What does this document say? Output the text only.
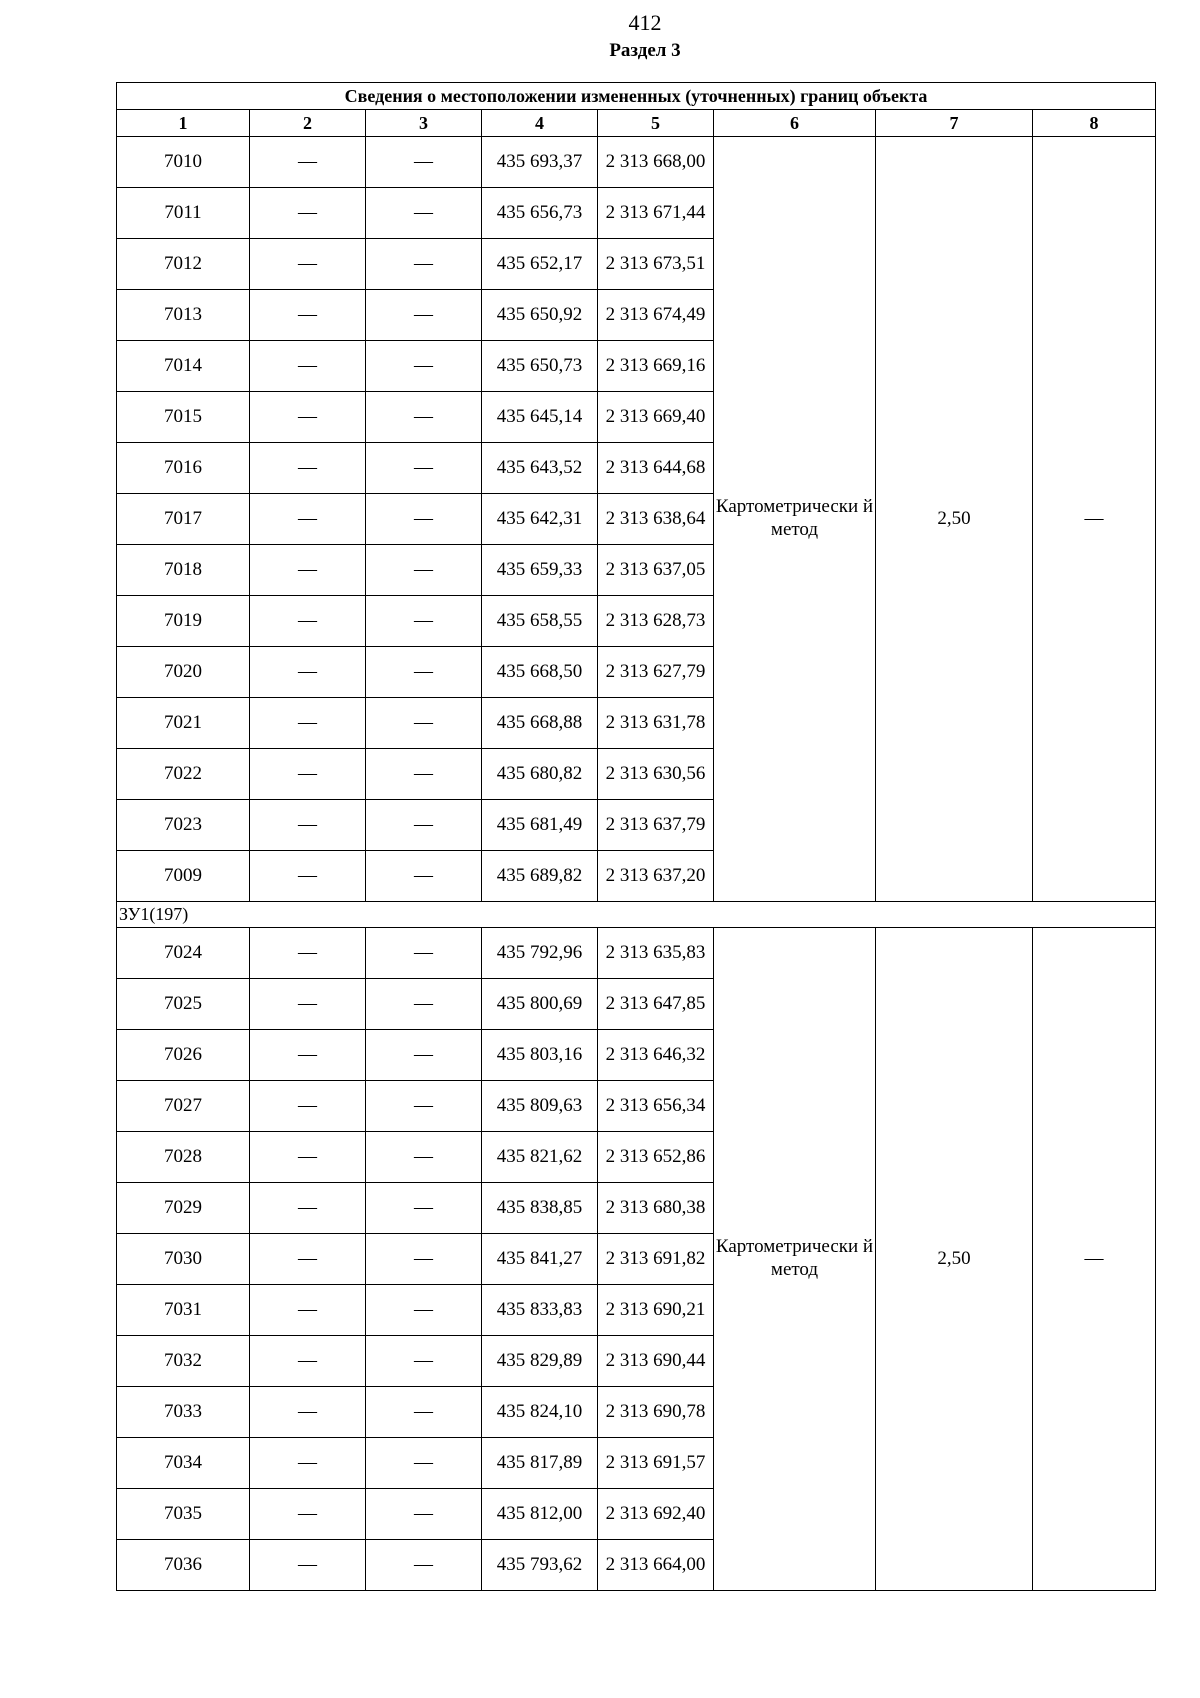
412
Раздел 3
Сведения о местоположении измененных (уточненных) границ объекта							
1	2	3	4	5	6	7	8
7010	—	—	435 693,37	2 313 668,00	Картометрически й метод	2,50	—
7011	—	—	435 656,73	2 313 671,44			
7012	—	—	435 652,17	2 313 673,51			
7013	—	—	435 650,92	2 313 674,49			
7014	—	—	435 650,73	2 313 669,16			
7015	—	—	435 645,14	2 313 669,40			
7016	—	—	435 643,52	2 313 644,68			
7017	—	—	435 642,31	2 313 638,64			
7018	—	—	435 659,33	2 313 637,05			
7019	—	—	435 658,55	2 313 628,73			
7020	—	—	435 668,50	2 313 627,79			
7021	—	—	435 668,88	2 313 631,78			
7022	—	—	435 680,82	2 313 630,56			
7023	—	—	435 681,49	2 313 637,79			
7009	—	—	435 689,82	2 313 637,20			
ЗУ1(197)							
7024	—	—	435 792,96	2 313 635,83	Картометрически й метод	2,50	—
7025	—	—	435 800,69	2 313 647,85			
7026	—	—	435 803,16	2 313 646,32			
7027	—	—	435 809,63	2 313 656,34			
7028	—	—	435 821,62	2 313 652,86			
7029	—	—	435 838,85	2 313 680,38			
7030	—	—	435 841,27	2 313 691,82			
7031	—	—	435 833,83	2 313 690,21			
7032	—	—	435 829,89	2 313 690,44			
7033	—	—	435 824,10	2 313 690,78			
7034	—	—	435 817,89	2 313 691,57			
7035	—	—	435 812,00	2 313 692,40			
7036	—	—	435 793,62	2 313 664,00			
